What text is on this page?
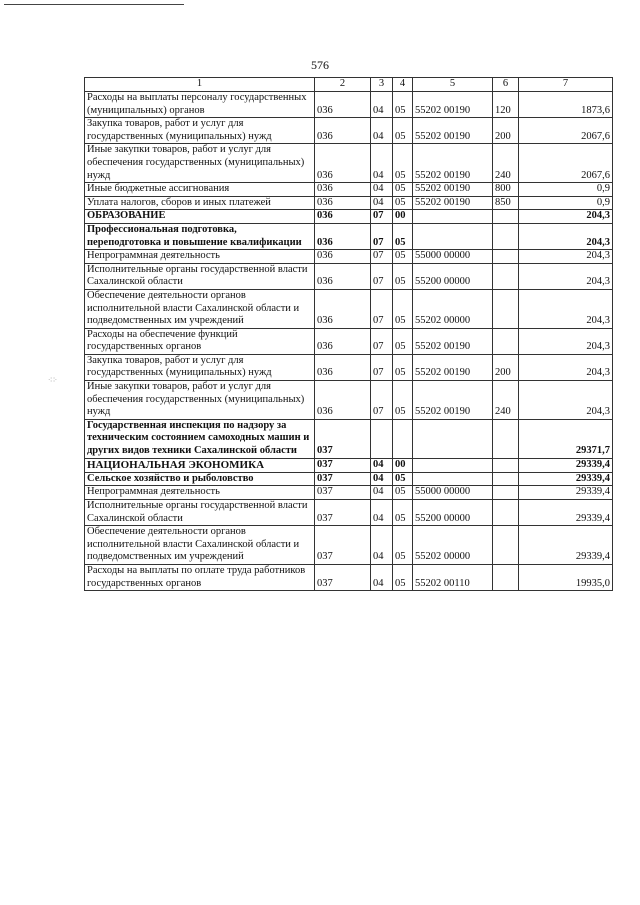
576
·∷·
1	2	3	4	5	6	7
Расходы на выплаты персоналу государственных (муниципальных) органов	036	04	05	55202 00190	120	1873,6
Закупка товаров, работ и услуг для государственных (муниципальных) нужд	036	04	05	55202 00190	200	2067,6
Иные закупки товаров, работ и услуг для обеспечения государственных (муниципальных) нужд	036	04	05	55202 00190	240	2067,6
Иные бюджетные ассигнования	036	04	05	55202 00190	800	0,9
Уплата налогов, сборов и иных платежей	036	04	05	55202 00190	850	0,9
ОБРАЗОВАНИЕ	036	07	00			204,3
Профессиональная подготовка, переподготовка и повышение квалификации	036	07	05			204,3
Непрограммная деятельность	036	07	05	55000 00000		204,3
Исполнительные органы государственной власти Сахалинской области	036	07	05	55200 00000		204,3
Обеспечение деятельности органов исполнительной власти Сахалинской области и подведомственных им учреждений	036	07	05	55202 00000		204,3
Расходы на обеспечение функций государственных органов	036	07	05	55202 00190		204,3
Закупка товаров, работ и услуг для государственных (муниципальных) нужд	036	07	05	55202 00190	200	204,3
Иные закупки товаров, работ и услуг для обеспечения государственных (муниципальных) нужд	036	07	05	55202 00190	240	204,3
Государственная инспекция по надзору за техническим состоянием самоходных машин и других видов техники Сахалинской области	037					29371,7
НАЦИОНАЛЬНАЯ ЭКОНОМИКА	037	04	00			29339,4
Сельское хозяйство и рыболовство	037	04	05			29339,4
Непрограммная деятельность	037	04	05	55000 00000		29339,4
Исполнительные органы государственной власти Сахалинской области	037	04	05	55200 00000		29339,4
Обеспечение деятельности органов исполнительной власти Сахалинской области и подведомственных им учреждений	037	04	05	55202 00000		29339,4
Расходы на выплаты по оплате труда работников государственных органов	037	04	05	55202 00110		19935,0
